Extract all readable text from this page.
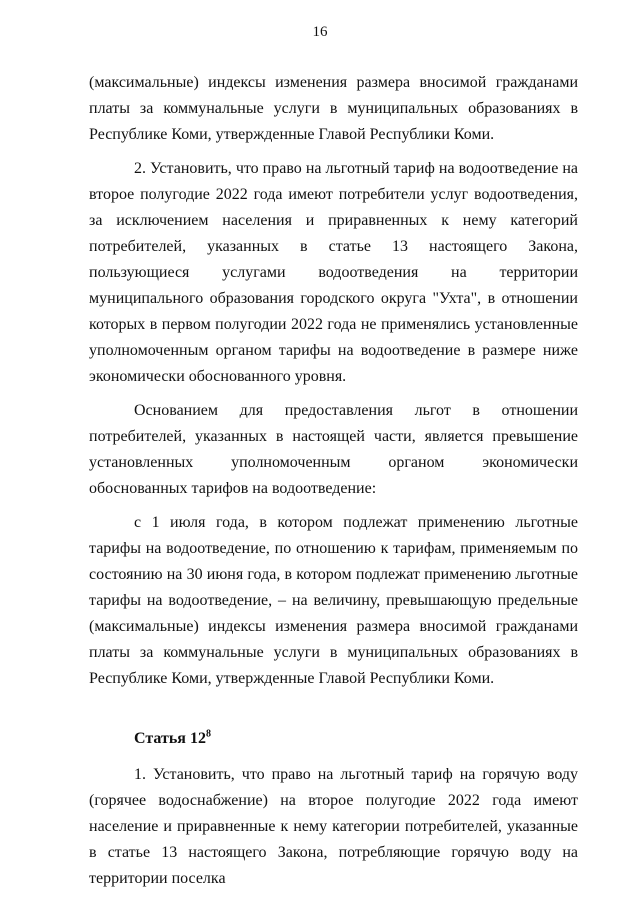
16

(максимальные) индексы изменения размера вносимой гражданами платы за коммунальные услуги в муниципальных образованиях в Республике Коми, утвержденные Главой Республики Коми.

2. Установить, что право на льготный тариф на водоотведение на второе полугодие 2022 года имеют потребители услуг водоотведения, за исключением населения и приравненных к нему категорий потребителей, указанных в статье 13 настоящего Закона, пользующиеся услугами водоотведения на территории муниципального образования городского округа "Ухта", в отношении которых в первом полугодии 2022 года не применялись установленные уполномоченным органом тарифы на водоотведение в размере ниже экономически обоснованного уровня.

Основанием для предоставления льгот в отношении потребителей, указанных в настоящей части, является превышение установленных уполномоченным органом экономически обоснованных тарифов на водоотведение:

с 1 июля года, в котором подлежат применению льготные тарифы на водоотведение, по отношению к тарифам, применяемым по состоянию на 30 июня года, в котором подлежат применению льготные тарифы на водоотведение, – на величину, превышающую предельные (максимальные) индексы изменения размера вносимой гражданами платы за коммунальные услуги в муниципальных образованиях в Республике Коми, утвержденные Главой Республики Коми.

Статья $12^8$

1. Установить, что право на льготный тариф на горячую воду (горячее водоснабжение) на второе полугодие 2022 года имеют население и приравненные к нему категории потребителей, указанные в статье 13 настоящего Закона, потребляющие горячую воду на территории поселка
